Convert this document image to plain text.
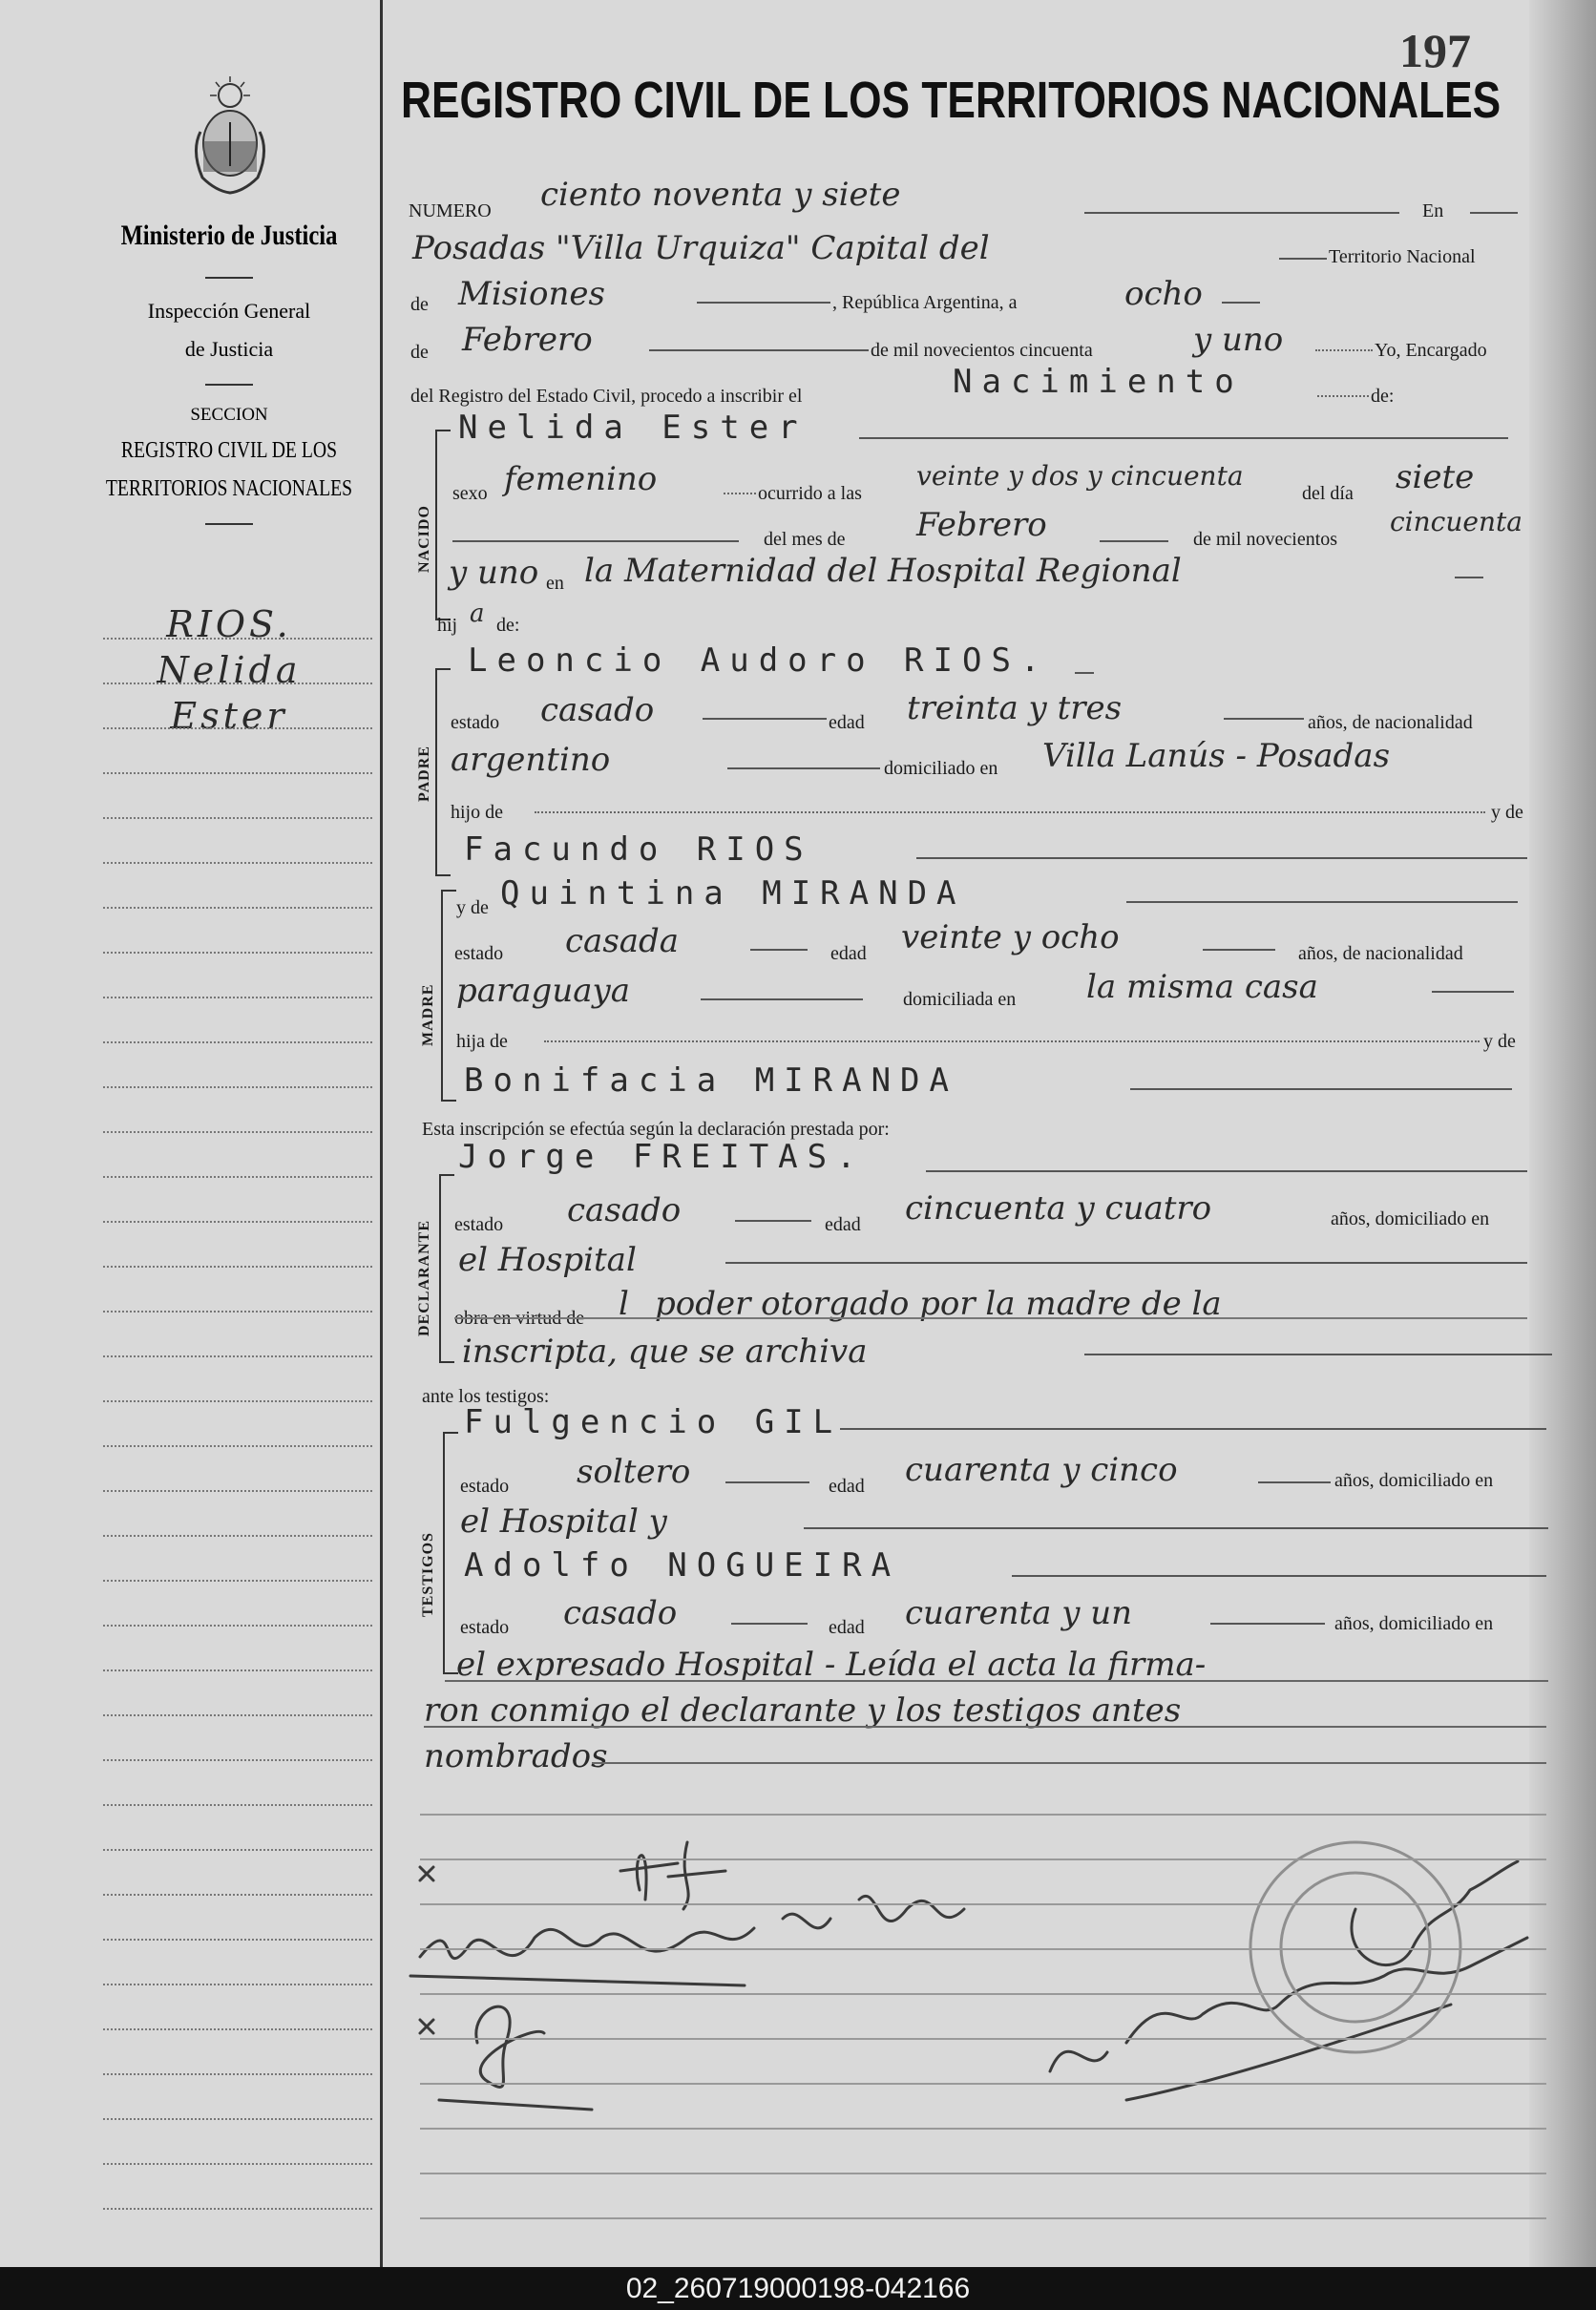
Ministerio de Justicia
Inspección General
de Justicia
SECCION
REGISTRO CIVIL DE LOS
TERRITORIOS NACIONALES
RIOS.
Nelida
Ester
197
REGISTRO CIVIL DE LOS TERRITORIOS NACIONALES
NUMERO ciento noventa y siete	En
Posadas "Villa Urquiza" Capital del	Territorio Nacional
de Misiones	, República Argentina, a	ocho
de Febrero	de mil novecientos cincuenta	y uno	Yo, Encargado
del Registro del Estado Civil, procedo a inscribir el	Nacimiento	de:
NACIDO
Nelida Ester
sexo femenino	ocurrido a las
veinte y dos y cincuenta
del día siete
del mes de Febrero	de mil novecientos
cincuenta
y uno en la Maternidad del Hospital Regional
hij a de:
PADRE
Leoncio Audoro RIOS.
estado casado	edad treinta y tres	años, de nacionalidad
argentino	domiciliado en Villa Lanús - Posadas
hijo de	y de
Facundo RIOS
MADRE
y de Quintina MIRANDA
estado casada	edad veinte y ocho	años, de nacionalidad
paraguaya	domiciliada en la misma casa
hija de	y de
Bonifacia MIRANDA
Esta inscripción se efectúa según la declaración prestada por:
DECLARANTE
Jorge FREITAS.
estado casado	edad cincuenta y cuatro	años, domiciliado en
el Hospital
obra en virtud de l poder otorgado por la madre de la
inscripta, que se archiva
ante los testigos:
TESTIGOS
Fulgencio GIL
estado soltero	edad cuarenta y cinco	años, domiciliado en
el Hospital y
Adolfo NOGUEIRA
estado casado	edad cuarenta y un	años, domiciliado en
el expresado Hospital - Leída el acta la firma-
ron conmigo el declarante y los testigos antes
nombrados
02_260719000198-042166
